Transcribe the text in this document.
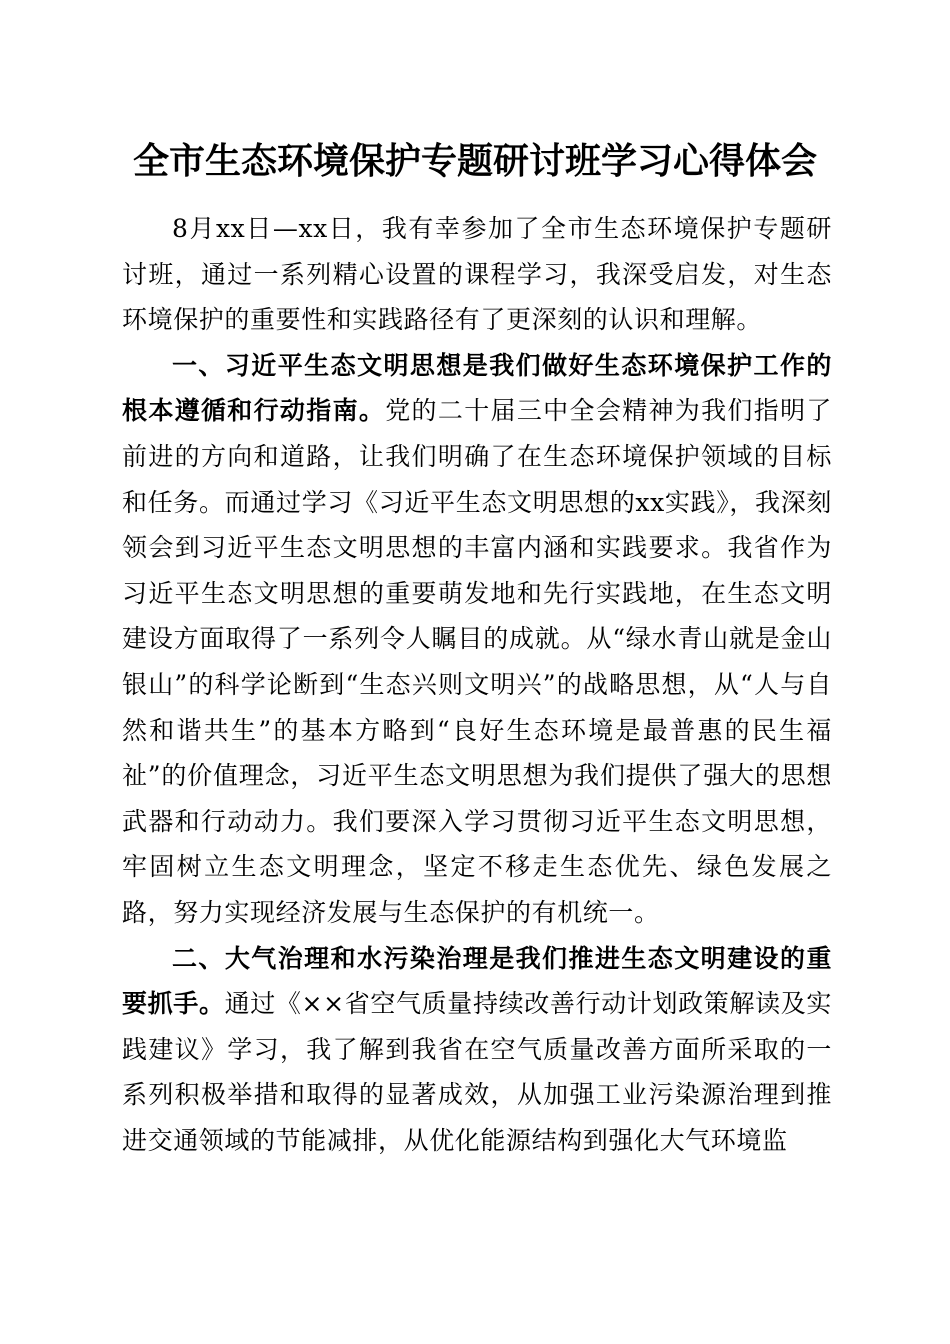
全市生态环境保护专题研讨班学习心得体会

8月xx日—xx日，我有幸参加了全市生态环境保护专题研讨班，通过一系列精心设置的课程学习，我深受启发，对生态环境保护的重要性和实践路径有了更深刻的认识和理解。

一、习近平生态文明思想是我们做好生态环境保护工作的根本遵循和行动指南。党的二十届三中全会精神为我们指明了前进的方向和道路，让我们明确了在生态环境保护领域的目标和任务。而通过学习《习近平生态文明思想的xx实践》，我深刻领会到习近平生态文明思想的丰富内涵和实践要求。我省作为习近平生态文明思想的重要萌发地和先行实践地，在生态文明建设方面取得了一系列令人瞩目的成就。从“绿水青山就是金山银山”的科学论断到“生态兴则文明兴”的战略思想，从“人与自然和谐共生”的基本方略到“良好生态环境是最普惠的民生福祉”的价值理念，习近平生态文明思想为我们提供了强大的思想武器和行动动力。我们要深入学习贯彻习近平生态文明思想，牢固树立生态文明理念，坚定不移走生态优先、绿色发展之路，努力实现经济发展与生态保护的有机统一。

二、大气治理和水污染治理是我们推进生态文明建设的重要抓手。通过《××省空气质量持续改善行动计划政策解读及实践建议》学习，我了解到我省在空气质量改善方面所采取的一系列积极举措和取得的显著成效，从加强工业污染源治理到推进交通领域的节能减排，从优化能源结构到强化大气环境监
